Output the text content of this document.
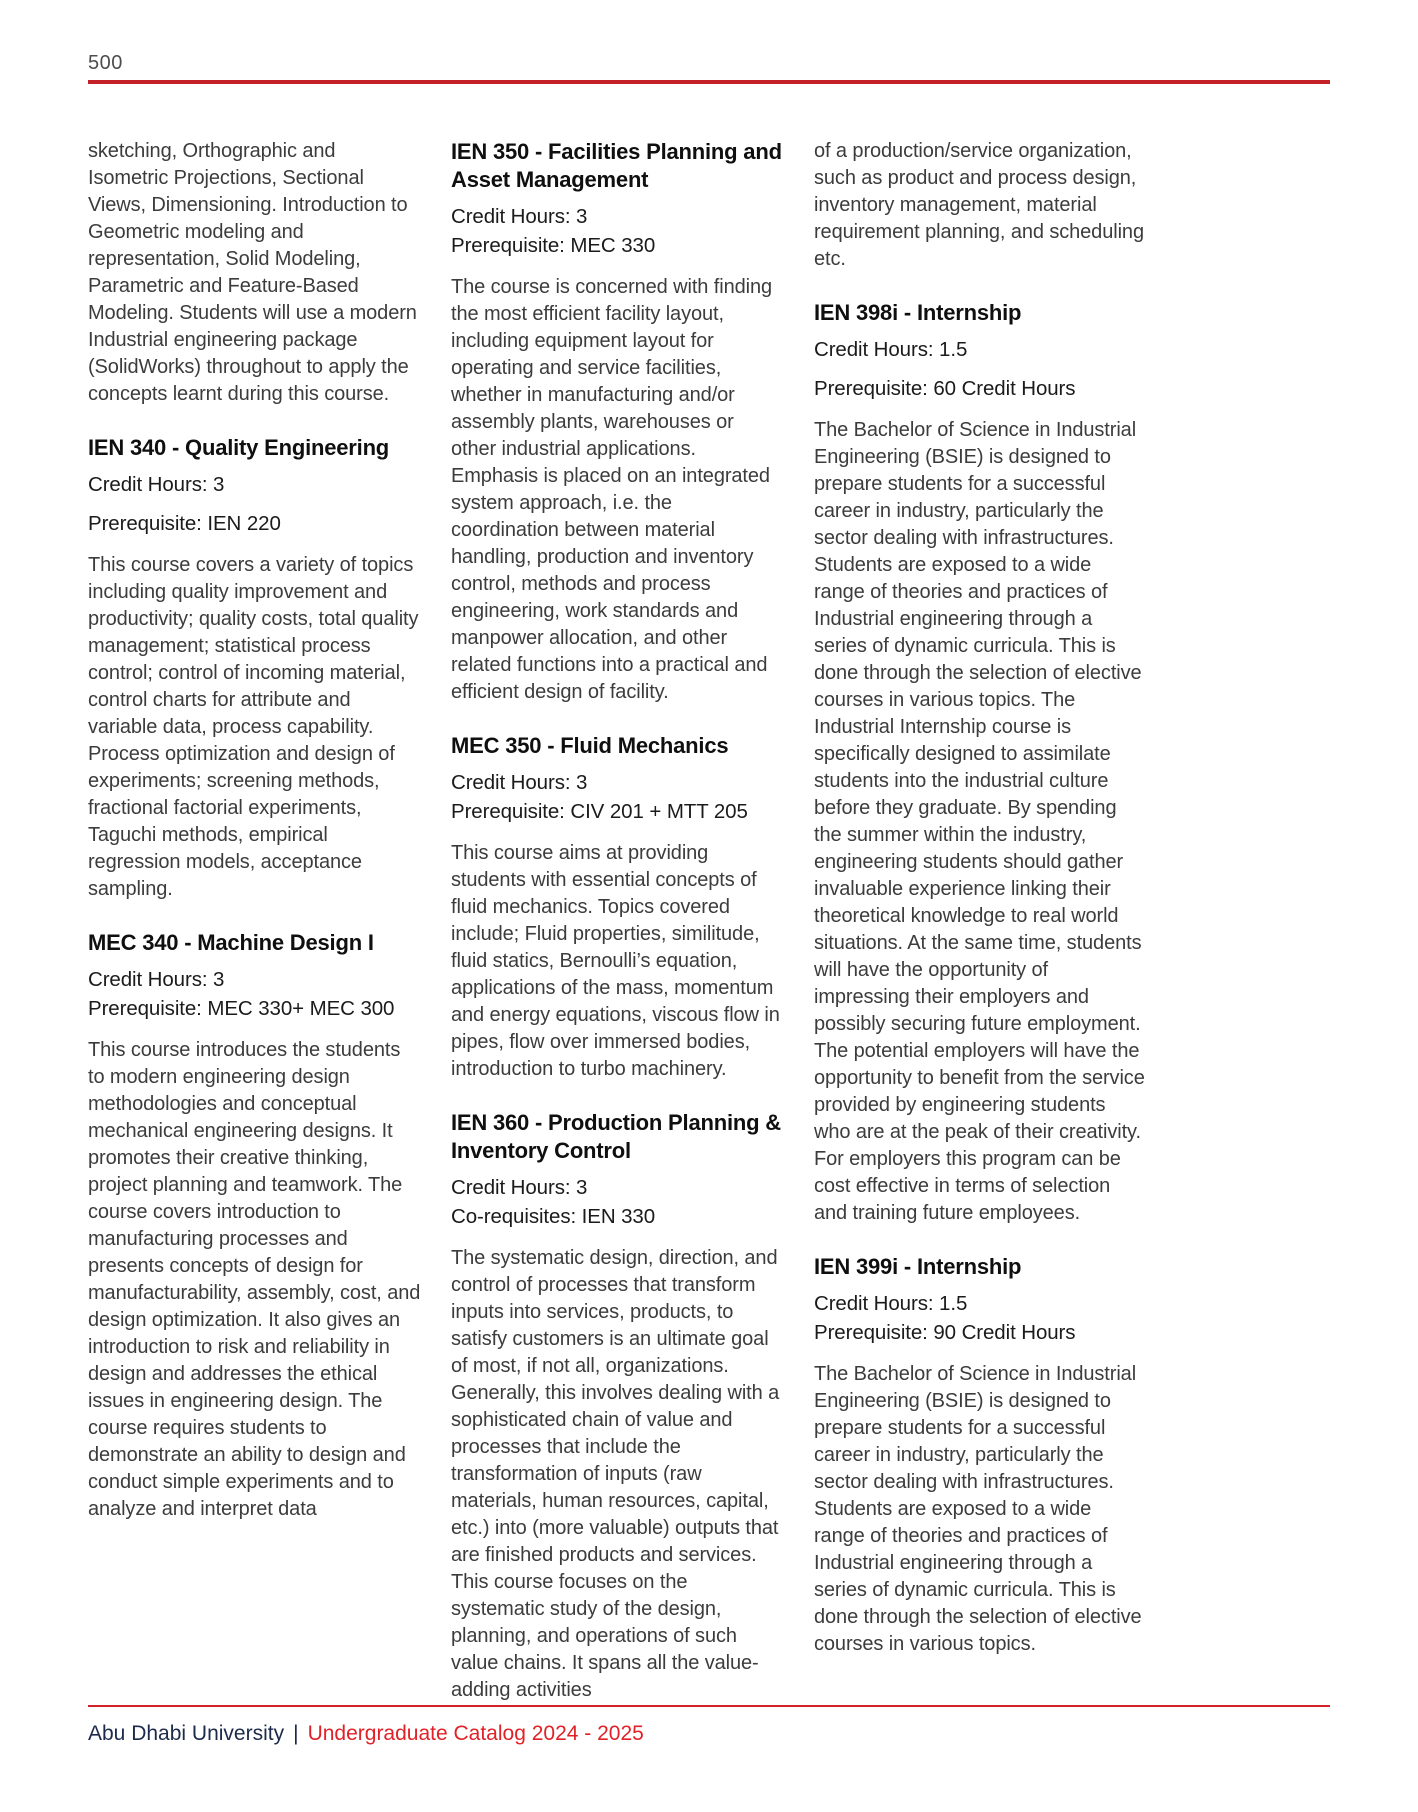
500

sketching, Orthographic and Isometric Projections, Sectional Views, Dimensioning. Introduction to Geometric modeling and representation, Solid Modeling, Parametric and Feature-Based Modeling. Students will use a modern Industrial engineering package (SolidWorks) throughout to apply the concepts learnt during this course.

IEN 340 - Quality Engineering
Credit Hours: 3
Prerequisite: IEN 220

This course covers a variety of topics including quality improvement and productivity; quality costs, total quality management; statistical process control; control of incoming material, control charts for attribute and variable data, process capability. Process optimization and design of experiments; screening methods, fractional factorial experiments, Taguchi methods, empirical regression models, acceptance sampling.

MEC 340 - Machine Design I
Credit Hours: 3
Prerequisite: MEC 330+ MEC 300

This course introduces the students to modern engineering design methodologies and conceptual mechanical engineering designs. It promotes their creative thinking, project planning and teamwork. The course covers introduction to manufacturing processes and presents concepts of design for manufacturability, assembly, cost, and design optimization. It also gives an introduction to risk and reliability in design and addresses the ethical issues in engineering design. The course requires students to demonstrate an ability to design and conduct simple experiments and to analyze and interpret data

IEN 350 - Facilities Planning and Asset Management
Credit Hours: 3
Prerequisite: MEC 330

The course is concerned with finding the most efficient facility layout, including equipment layout for operating and service facilities, whether in manufacturing and/or assembly plants, warehouses or other industrial applications. Emphasis is placed on an integrated system approach, i.e. the coordination between material handling, production and inventory control, methods and process engineering, work standards and manpower allocation, and other related functions into a practical and efficient design of facility.

MEC 350 - Fluid Mechanics
Credit Hours: 3
Prerequisite: CIV 201 + MTT 205

This course aims at providing students with essential concepts of fluid mechanics. Topics covered include; Fluid properties, similitude, fluid statics, Bernoulli’s equation, applications of the mass, momentum and energy equations, viscous flow in pipes, flow over immersed bodies, introduction to turbo machinery.

IEN 360 - Production Planning & Inventory Control
Credit Hours: 3
Co-requisites: IEN 330

The systematic design, direction, and control of processes that transform inputs into services, products, to satisfy customers is an ultimate goal of most, if not all, organizations. Generally, this involves dealing with a sophisticated chain of value and processes that include the transformation of inputs (raw materials, human resources, capital, etc.) into (more valuable) outputs that are finished products and services. This course focuses on the systematic study of the design, planning, and operations of such value chains. It spans all the value-adding activities

of a production/service organization, such as product and process design, inventory management, material requirement planning, and scheduling etc.

IEN 398i - Internship
Credit Hours: 1.5
Prerequisite: 60 Credit Hours

The Bachelor of Science in Industrial Engineering (BSIE) is designed to prepare students for a successful career in industry, particularly the sector dealing with infrastructures. Students are exposed to a wide range of theories and practices of Industrial engineering through a series of dynamic curricula. This is done through the selection of elective courses in various topics. The Industrial Internship course is specifically designed to assimilate students into the industrial culture before they graduate. By spending the summer within the industry, engineering students should gather invaluable experience linking their theoretical knowledge to real world situations. At the same time, students will have the opportunity of impressing their employers and possibly securing future employment. The potential employers will have the opportunity to benefit from the service provided by engineering students who are at the peak of their creativity. For employers this program can be cost effective in terms of selection and training future employees.

IEN 399i - Internship
Credit Hours: 1.5
Prerequisite: 90 Credit Hours

The Bachelor of Science in Industrial Engineering (BSIE) is designed to prepare students for a successful career in industry, particularly the sector dealing with infrastructures. Students are exposed to a wide range of theories and practices of Industrial engineering through a series of dynamic curricula. This is done through the selection of elective courses in various topics.

Abu Dhabi University | Undergraduate Catalog 2024 - 2025
